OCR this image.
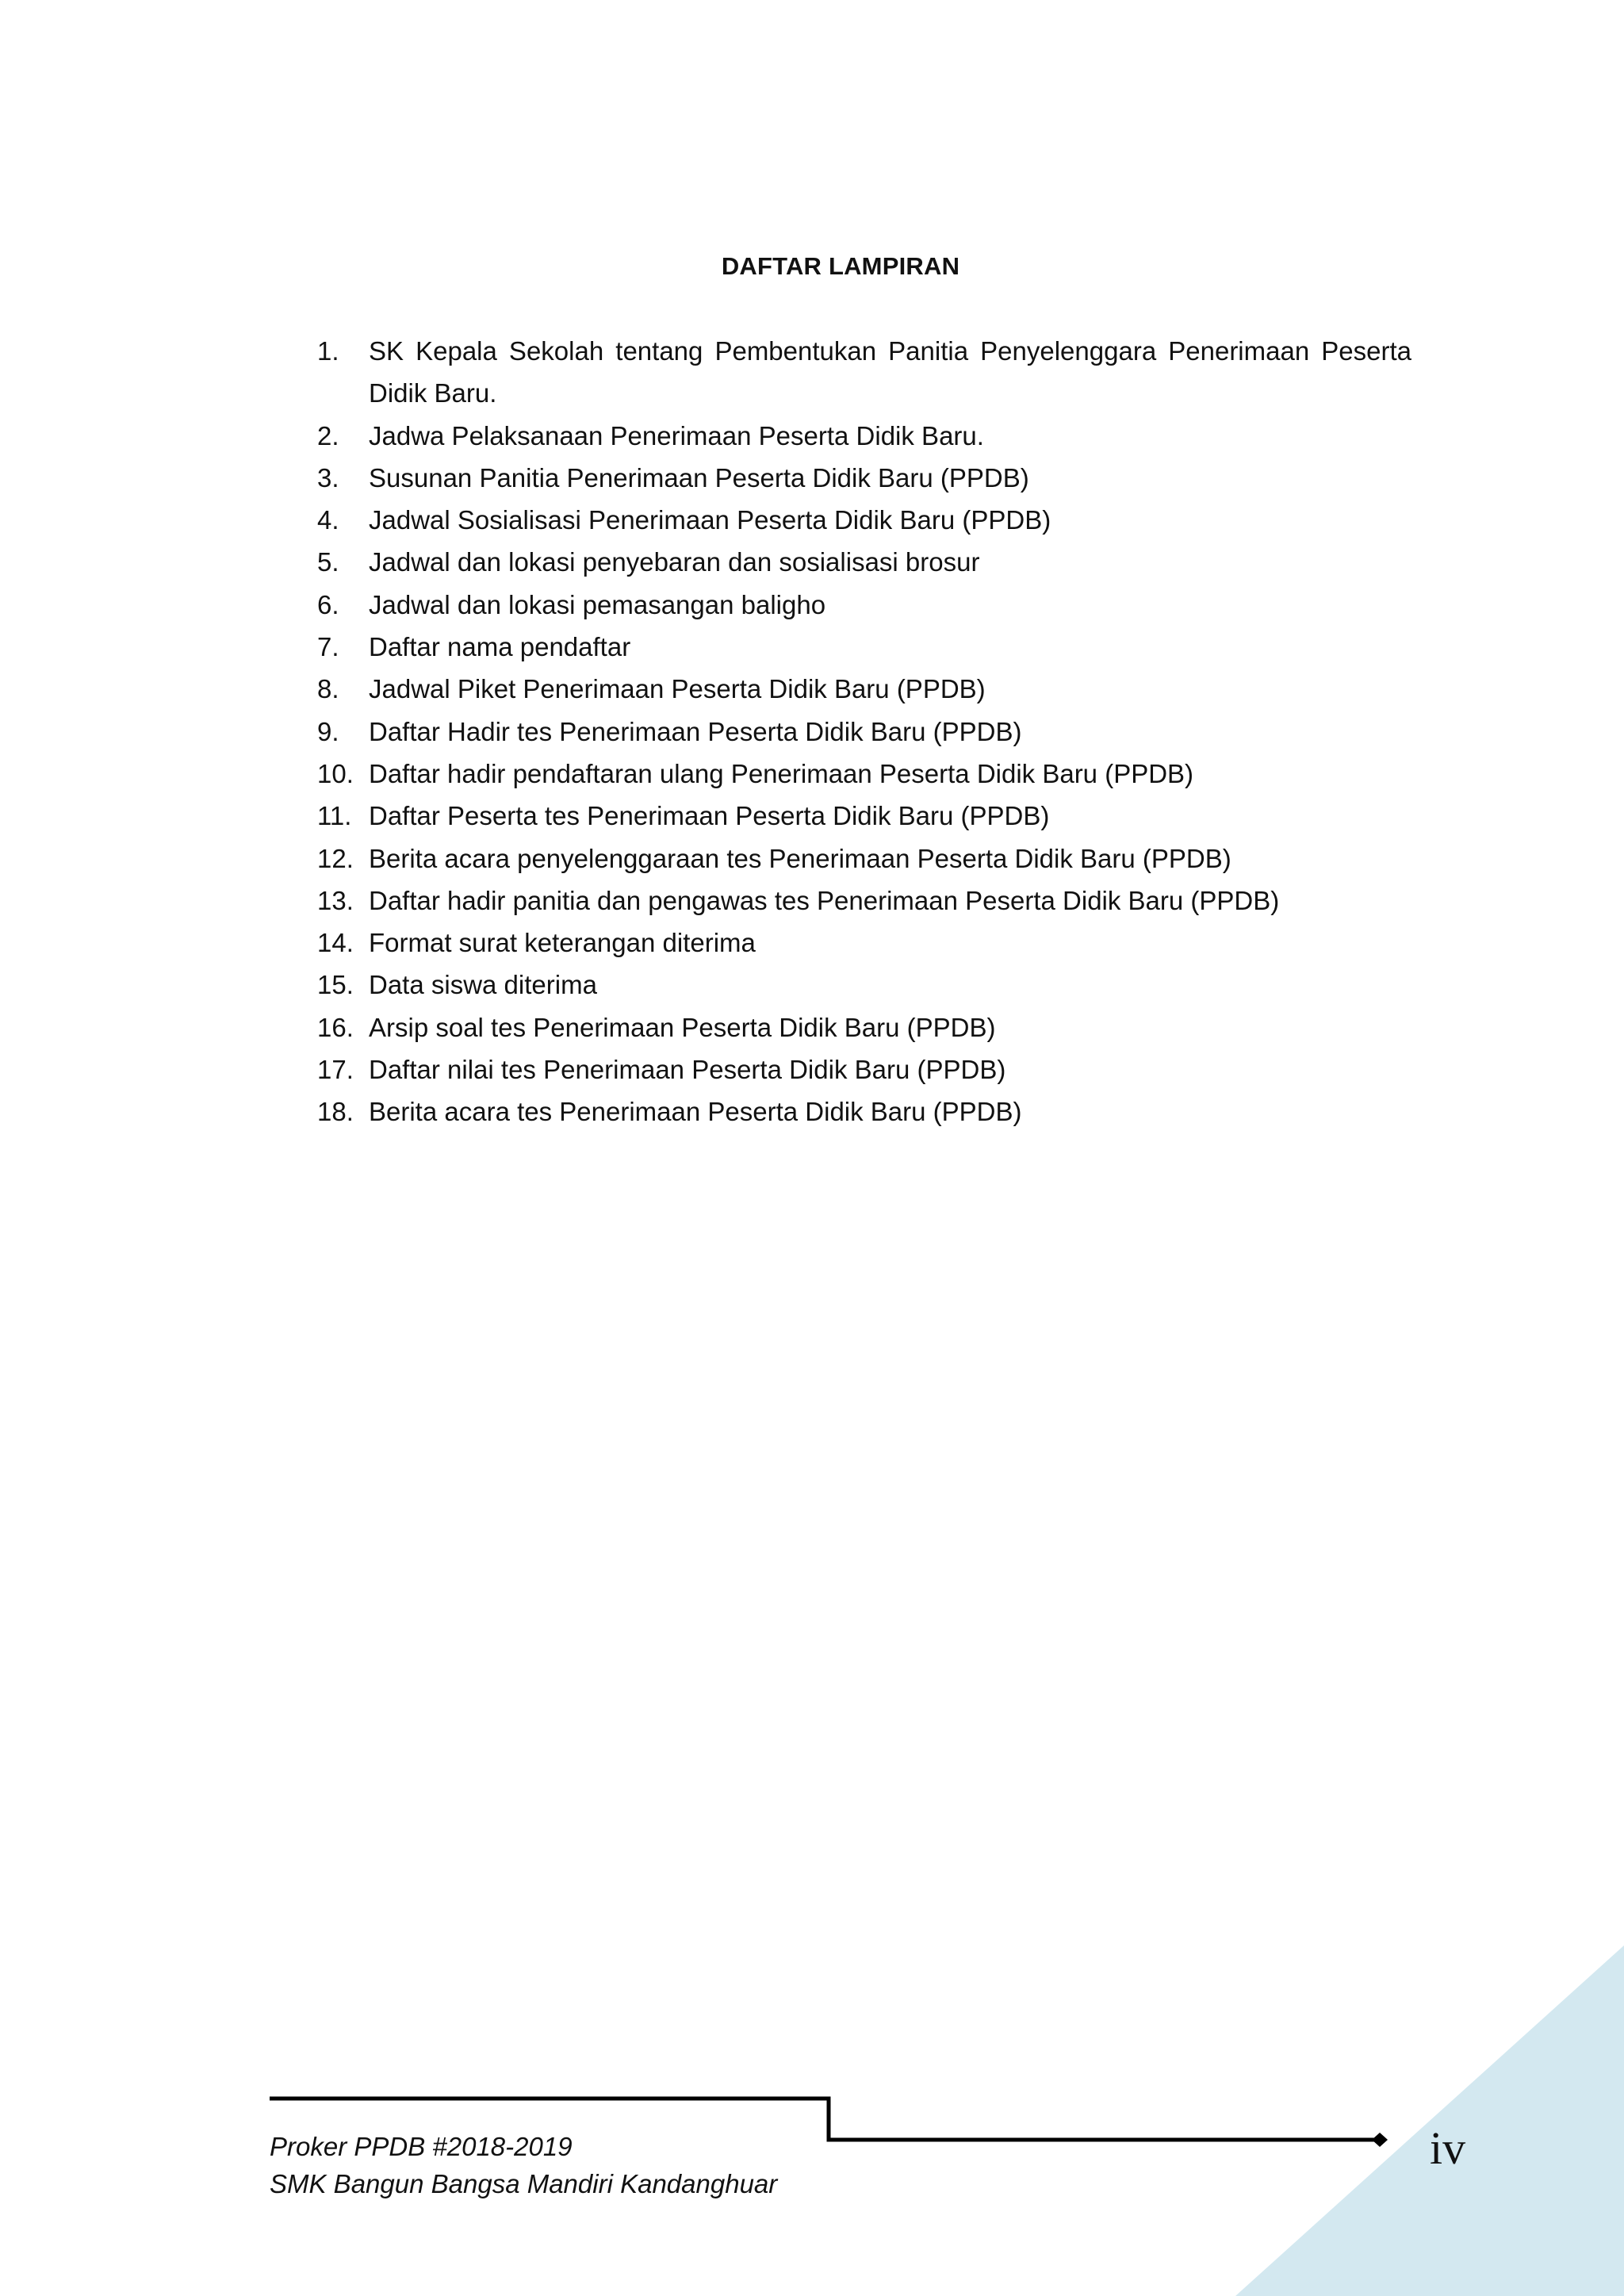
DAFTAR LAMPIRAN
1.	SK Kepala Sekolah tentang Pembentukan Panitia Penyelenggara Penerimaan Peserta Didik Baru.
2.	Jadwa Pelaksanaan Penerimaan Peserta Didik Baru.
3.	Susunan Panitia Penerimaan Peserta Didik Baru (PPDB)
4.	Jadwal Sosialisasi Penerimaan Peserta Didik Baru (PPDB)
5.	Jadwal dan lokasi penyebaran dan sosialisasi brosur
6.	Jadwal dan lokasi pemasangan baligho
7.	Daftar nama pendaftar
8.	Jadwal Piket Penerimaan Peserta Didik Baru (PPDB)
9.	Daftar Hadir tes Penerimaan Peserta Didik Baru (PPDB)
10. Daftar hadir pendaftaran ulang Penerimaan Peserta Didik Baru (PPDB)
11. Daftar Peserta tes Penerimaan Peserta Didik Baru (PPDB)
12. Berita acara penyelenggaraan tes Penerimaan Peserta Didik Baru (PPDB)
13. Daftar hadir panitia dan pengawas tes Penerimaan Peserta Didik Baru (PPDB)
14. Format surat keterangan diterima
15. Data siswa diterima
16. Arsip soal tes Penerimaan Peserta Didik Baru (PPDB)
17. Daftar nilai tes Penerimaan Peserta Didik Baru (PPDB)
18. Berita acara tes Penerimaan Peserta Didik Baru (PPDB)
Proker PPDB #2018-2019
SMK Bangun Bangsa Mandiri Kandanghuar
iv
